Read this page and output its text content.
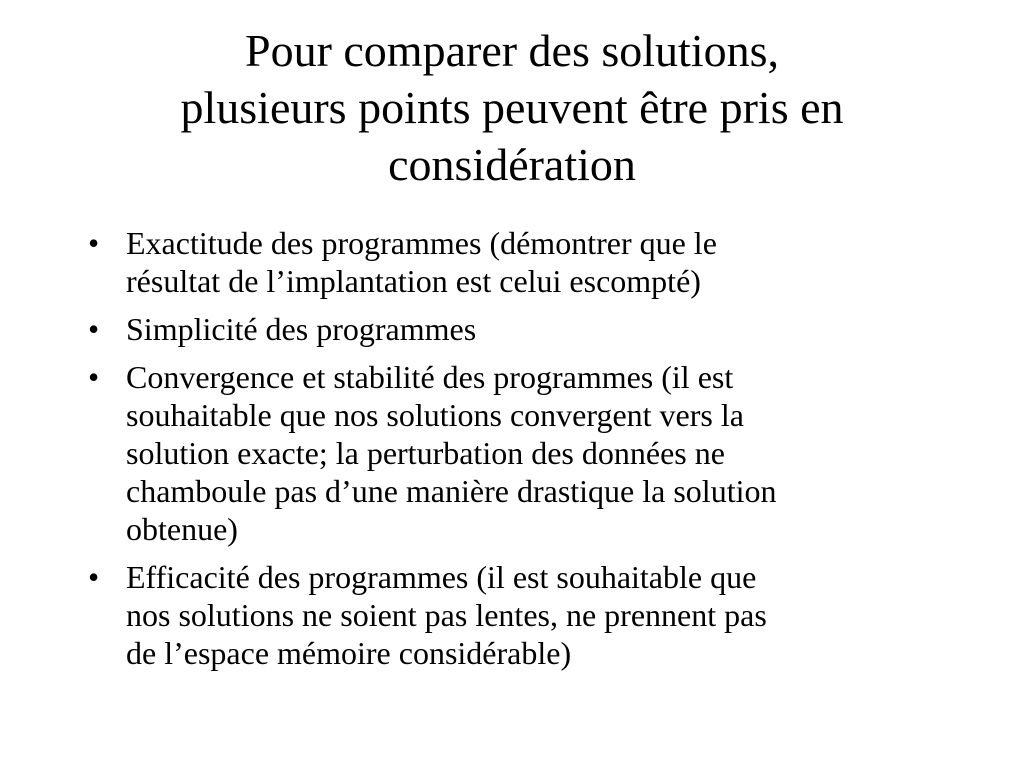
Pour comparer des solutions,
plusieurs points peuvent être pris en
considération
• Exactitude des programmes (démontrer que le
résultat de l’implantation est celui escompté)
• Simplicité des programmes
• Convergence et stabilité des programmes (il est
souhaitable que nos solutions convergent vers la
solution exacte; la perturbation des données ne
chamboule pas d’une manière drastique la solution
obtenue)
• Efficacité des programmes (il est souhaitable que
nos solutions ne soient pas lentes, ne prennent pas
de l’espace mémoire considérable)
